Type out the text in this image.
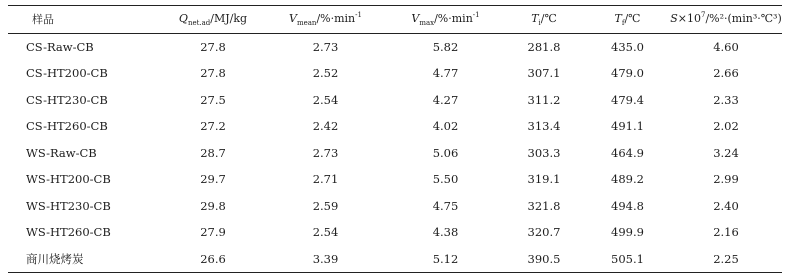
样品	$Q_{net.ad}/MJ/kg$	$V_{mean}/\%\cdot\min^{-1}$	$V_{max}/\%\cdot\min^{-1}$	$T_i/℃$	$T_f/℃$	$S\times 10^7/\%^2\cdot(\min^3\cdot℃^3)$
CS-Raw-CB	27.8	2.73	5.82	281.8	435.0	4.60
CS-HT200-CB	27.8	2.52	4.77	307.1	479.0	2.66
CS-HT230-CB	27.5	2.54	4.27	311.2	479.4	2.33
CS-HT260-CB	27.2	2.42	4.02	313.4	491.1	2.02
WS-Raw-CB	28.7	2.73	5.06	303.3	464.9	3.24
WS-HT200-CB	29.7	2.71	5.50	319.1	489.2	2.99
WS-HT230-CB	29.8	2.59	4.75	321.8	494.8	2.40
WS-HT260-CB	27.9	2.54	4.38	320.7	499.9	2.16
商川烧烤炭	26.6	3.39	5.12	390.5	505.1	2.25
